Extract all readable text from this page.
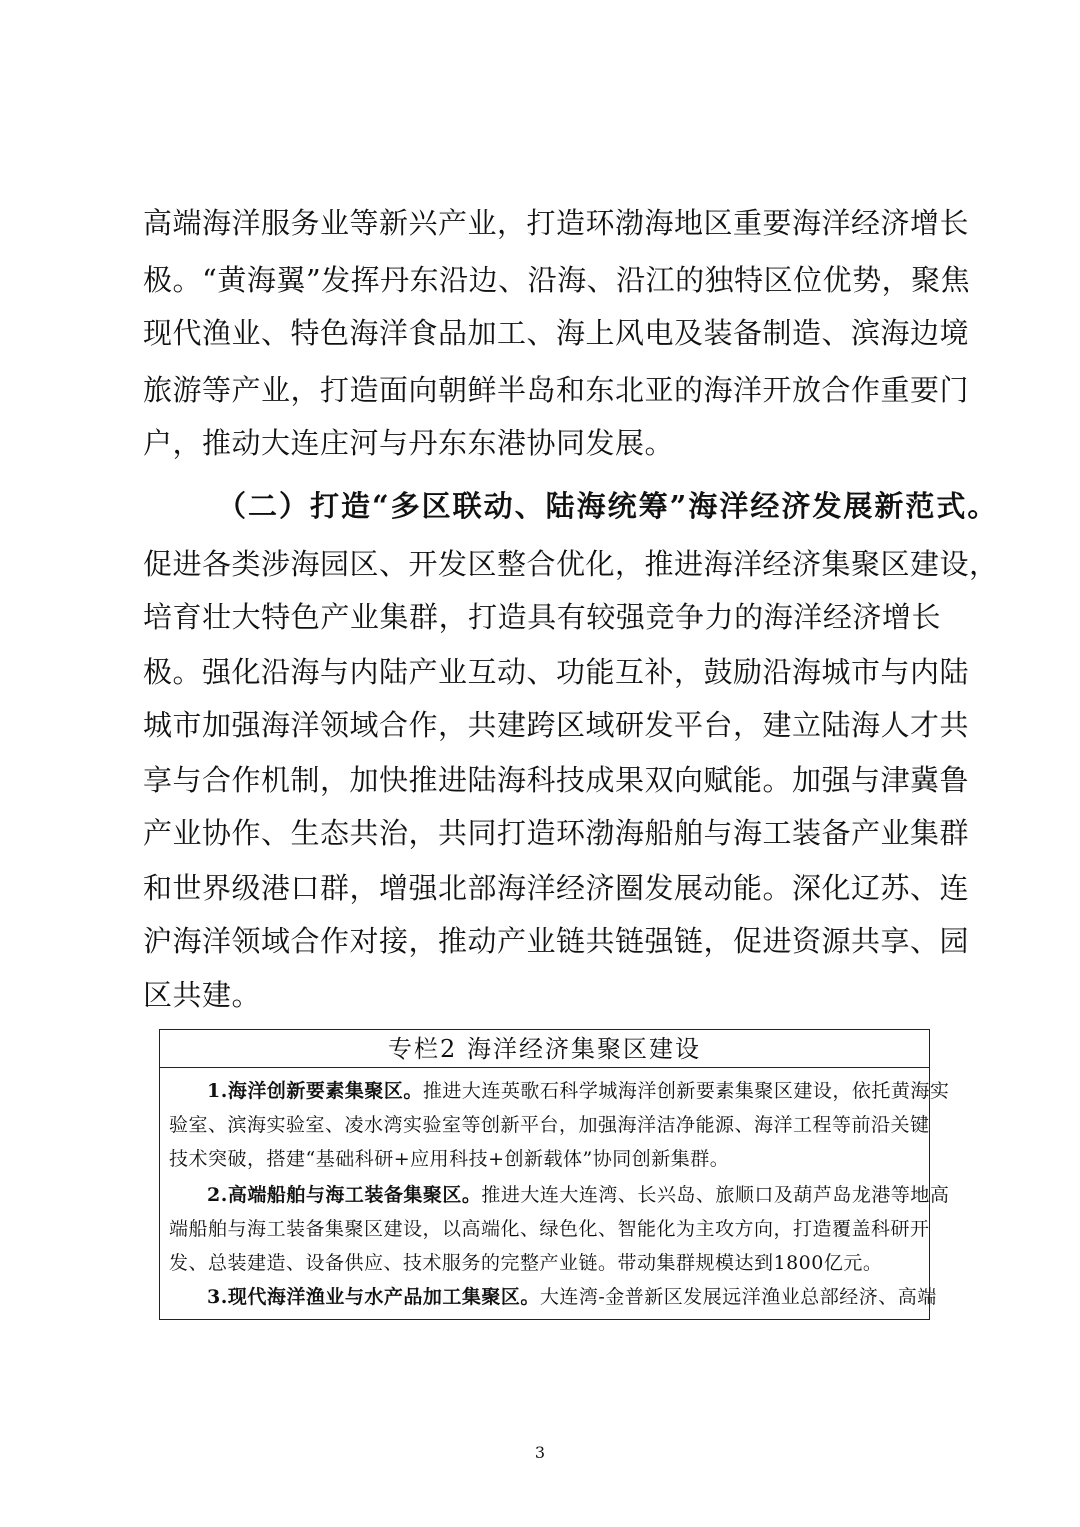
高端海洋服务业等新兴产业，打造环渤海地区重要海洋经济增长
极。“黄海翼”发挥丹东沿边、沿海、沿江的独特区位优势，聚焦
现代渔业、特色海洋食品加工、海上风电及装备制造、滨海边境
旅游等产业，打造面向朝鲜半岛和东北亚的海洋开放合作重要门
户，推动大连庄河与丹东东港协同发展。
（二）打造“多区联动、陆海统筹”海洋经济发展新范式。
促进各类涉海园区、开发区整合优化，推进海洋经济集聚区建设，
培育壮大特色产业集群，打造具有较强竞争力的海洋经济增长
极。强化沿海与内陆产业互动、功能互补，鼓励沿海城市与内陆
城市加强海洋领域合作，共建跨区域研发平台，建立陆海人才共
享与合作机制，加快推进陆海科技成果双向赋能。加强与津冀鲁
产业协作、生态共治，共同打造环渤海船舶与海工装备产业集群
和世界级港口群，增强北部海洋经济圈发展动能。深化辽苏、连
沪海洋领域合作对接，推动产业链共链强链，促进资源共享、园
区共建。
专栏2 海洋经济集聚区建设
1.海洋创新要素集聚区。推进大连英歌石科学城海洋创新要素集聚区建设，依托黄海实
验室、滨海实验室、凌水湾实验室等创新平台，加强海洋洁净能源、海洋工程等前沿关键
技术突破，搭建“基础科研+应用科技+创新载体”协同创新集群。
2.高端船舶与海工装备集聚区。推进大连大连湾、长兴岛、旅顺口及葫芦岛龙港等地高
端船舶与海工装备集聚区建设，以高端化、绿色化、智能化为主攻方向，打造覆盖科研开
发、总装建造、设备供应、技术服务的完整产业链。带动集群规模达到1800亿元。
3.现代海洋渔业与水产品加工集聚区。大连湾-金普新区发展远洋渔业总部经济、高端
3
